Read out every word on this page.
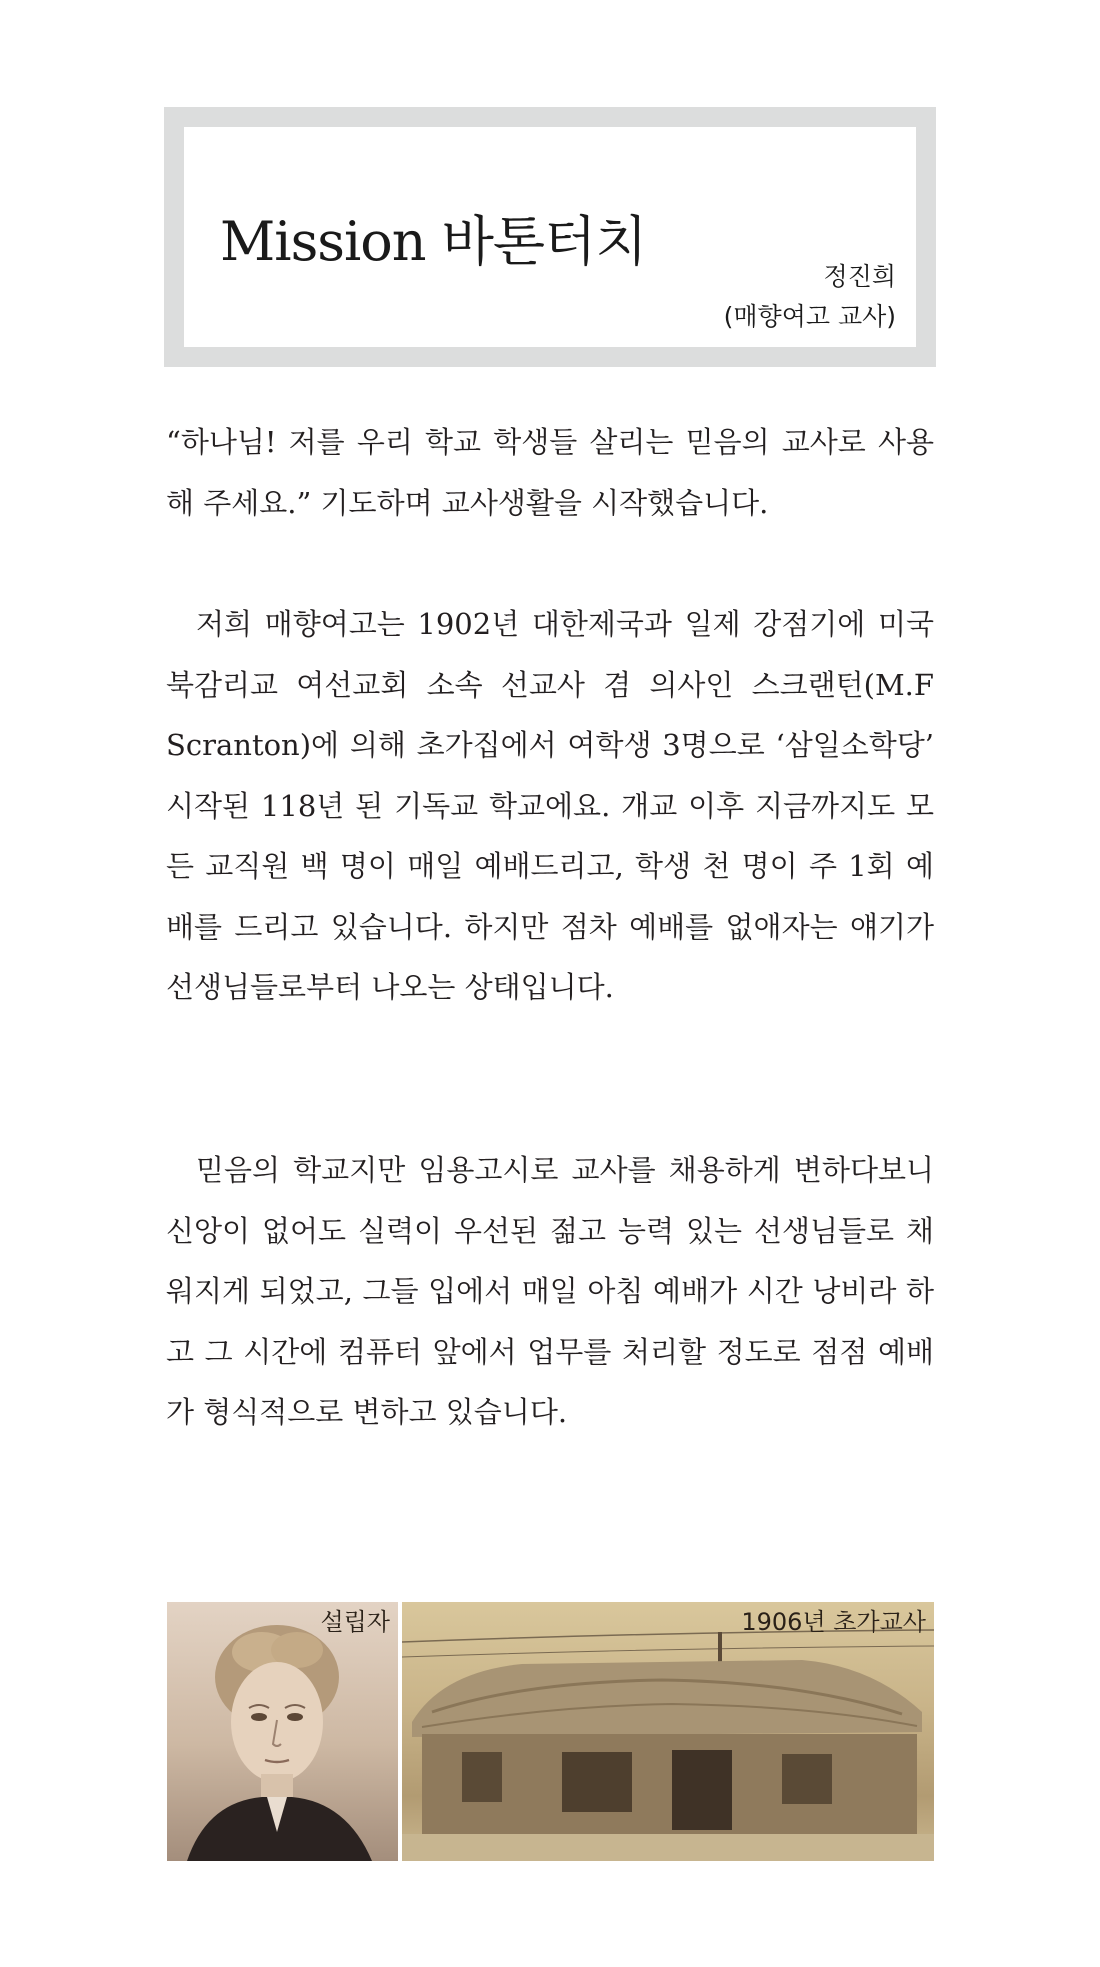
Mission 바톤터치
정진희
(매향여고 교사)

“하나님! 저를 우리 학교 학생들 살리는 믿음의 교사로 사용해 주세요.” 기도하며 교사생활을 시작했습니다.

저희 매향여고는 1902년 대한제국과 일제 강점기에 미국 북감리교 여선교회 소속 선교사 겸 의사인 스크랜턴(M.F Scranton)에 의해 초가집에서 여학생 3명으로 ‘삼일소학당’ 시작된 118년 된 기독교 학교에요. 개교 이후 지금까지도 모든 교직원 백 명이 매일 예배드리고, 학생 천 명이 주 1회 예배를 드리고 있습니다. 하지만 점차 예배를 없애자는 얘기가 선생님들로부터 나오는 상태입니다.

믿음의 학교지만 임용고시로 교사를 채용하게 변하다보니 신앙이 없어도 실력이 우선된 젊고 능력 있는 선생님들로 채워지게 되었고, 그들 입에서 매일 아침 예배가 시간 낭비라 하고 그 시간에 컴퓨터 앞에서 업무를 처리할 정도로 점점 예배가 형식적으로 변하고 있습니다.

설립자	1906년 초가교사
